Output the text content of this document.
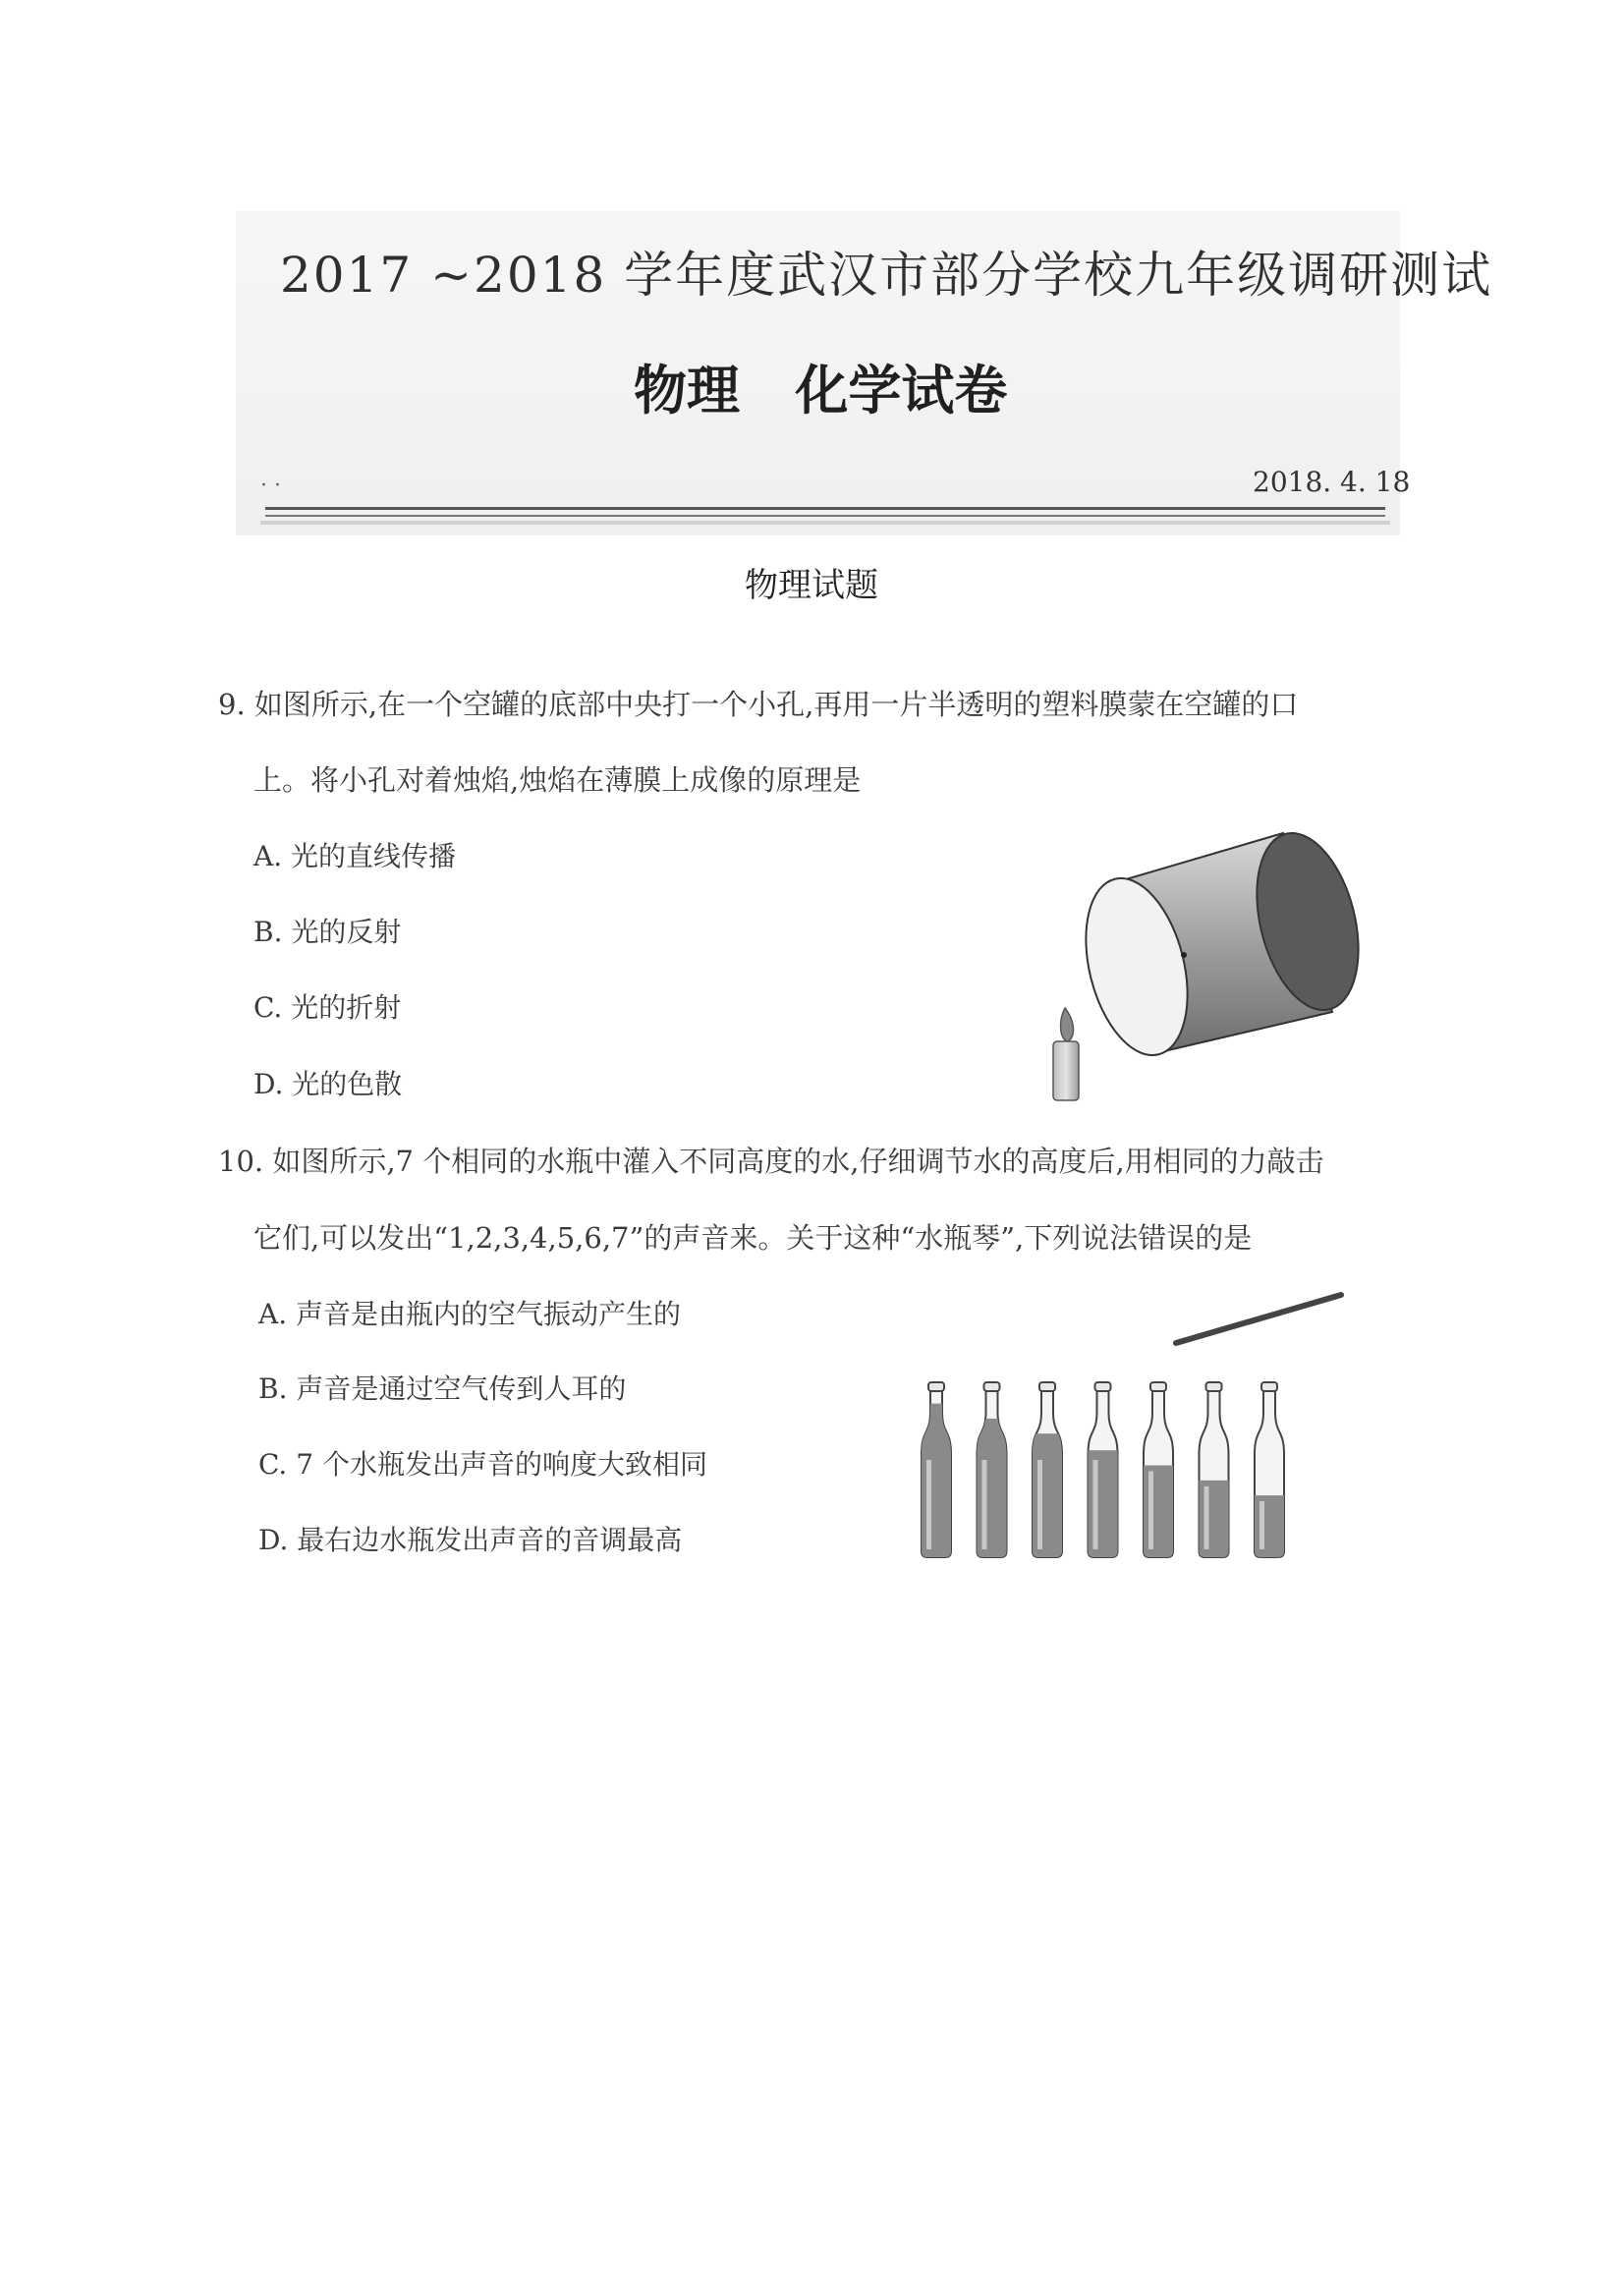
2017 ~2018 学年度武汉市部分学校九年级调研测试
物理   化学试卷
· ·	2018. 4. 18
物理试题
9. 如图所示,在一个空罐的底部中央打一个小孔,再用一片半透明的塑料膜蒙在空罐的口
上。将小孔对着烛焰,烛焰在薄膜上成像的原理是
A. 光的直线传播
B. 光的反射
C. 光的折射
D. 光的色散
10. 如图所示,7 个相同的水瓶中灌入不同高度的水,仔细调节水的高度后,用相同的力敲击
它们,可以发出“1,2,3,4,5,6,7”的声音来。关于这种“水瓶琴”,下列说法错误的是
A. 声音是由瓶内的空气振动产生的
B. 声音是通过空气传到人耳的
C. 7 个水瓶发出声音的响度大致相同
D. 最右边水瓶发出声音的音调最高
